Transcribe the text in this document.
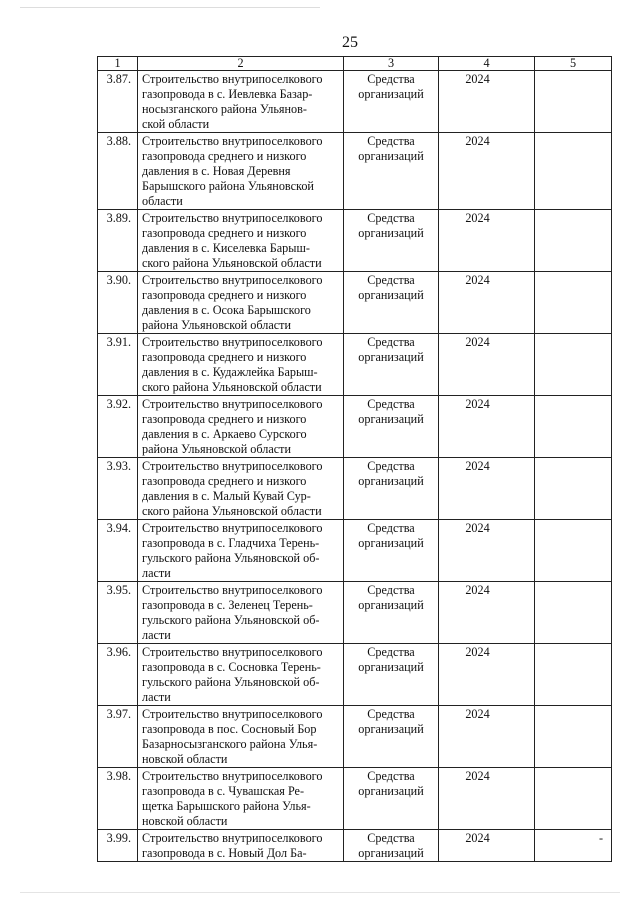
25
1	2	3	4	5
3.87.	Строительство внутрипоселкового
газопровода в с. Иевлевка Базар-
носызганского района Ульянов-
ской области	Средства
организаций	2024	
3.88.	Строительство внутрипоселкового
газопровода среднего и низкого
давления в с. Новая Деревня
Барышского района Ульяновской
области	Средства
организаций	2024	
3.89.	Строительство внутрипоселкового
газопровода среднего и низкого
давления в с. Киселевка Барыш-
ского района Ульяновской области	Средства
организаций	2024	
3.90.	Строительство внутрипоселкового
газопровода среднего и низкого
давления в с. Осока Барышского
района Ульяновской области	Средства
организаций	2024	
3.91.	Строительство внутрипоселкового
газопровода среднего и низкого
давления в с. Кудажлейка Барыш-
ского района Ульяновской области	Средства
организаций	2024	
3.92.	Строительство внутрипоселкового
газопровода среднего и низкого
давления в с. Аркаево Сурского
района Ульяновской области	Средства
организаций	2024	
3.93.	Строительство внутрипоселкового
газопровода среднего и низкого
давления в с. Малый Кувай Сур-
ского района Ульяновской области	Средства
организаций	2024	
3.94.	Строительство внутрипоселкового
газопровода в с. Гладчиха Терень-
гульского района Ульяновской об-
ласти	Средства
организаций	2024	
3.95.	Строительство внутрипоселкового
газопровода в с. Зеленец Терень-
гульского района Ульяновской об-
ласти	Средства
организаций	2024	
3.96.	Строительство внутрипоселкового
газопровода в с. Сосновка Терень-
гульского района Ульяновской об-
ласти	Средства
организаций	2024	
3.97.	Строительство внутрипоселкового
газопровода в пос. Сосновый Бор
Базарносызганского района Улья-
новской области	Средства
организаций	2024	
3.98.	Строительство внутрипоселкового
газопровода в с. Чувашская Ре-
щетка Барышского района Улья-
новской области	Средства
организаций	2024	
3.99.	Строительство внутрипоселкового
газопровода в с. Новый Дол Ба-	Средства
организаций	2024	-
